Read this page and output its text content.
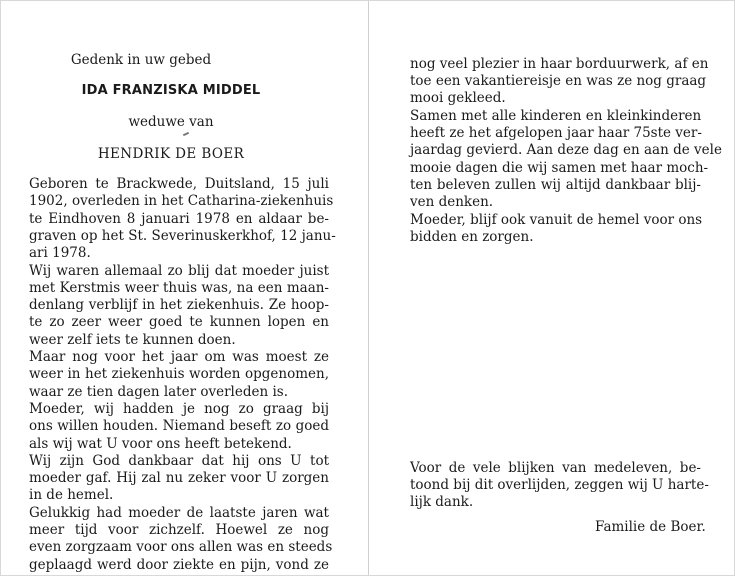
Gedenk in uw gebed
IDA FRANZISKA MIDDEL
weduwe van
HENDRIK DE BOER
Geboren te Brackwede, Duitsland, 15 juli
1902, overleden in het Catharina-ziekenhuis
te Eindhoven 8 januari 1978 en aldaar be-
graven op het St. Severinuskerkhof, 12 janu-
ari 1978.
Wij waren allemaal zo blij dat moeder juist
met Kerstmis weer thuis was, na een maan-
denlang verblijf in het ziekenhuis. Ze hoop-
te zo zeer weer goed te kunnen lopen en
weer zelf iets te kunnen doen.
Maar nog voor het jaar om was moest ze
weer in het ziekenhuis worden opgenomen,
waar ze tien dagen later overleden is.
Moeder, wij hadden je nog zo graag bij
ons willen houden. Niemand beseft zo goed
als wij wat U voor ons heeft betekend.
Wij zijn God dankbaar dat hij ons U tot
moeder gaf. Hij zal nu zeker voor U zorgen
in de hemel.
Gelukkig had moeder de laatste jaren wat
meer tijd voor zichzelf. Hoewel ze nog
even zorgzaam voor ons allen was en steeds
geplaagd werd door ziekte en pijn, vond ze
nog veel plezier in haar borduurwerk, af en
toe een vakantiereisje en was ze nog graag
mooi gekleed.
Samen met alle kinderen en kleinkinderen
heeft ze het afgelopen jaar haar 75ste ver-
jaardag gevierd. Aan deze dag en aan de vele
mooie dagen die wij samen met haar moch-
ten beleven zullen wij altijd dankbaar blij-
ven denken.
Moeder, blijf ook vanuit de hemel voor ons
bidden en zorgen.
Voor de vele blijken van medeleven, be-
toond bij dit overlijden, zeggen wij U harte-
lijk dank.
Familie de Boer.
